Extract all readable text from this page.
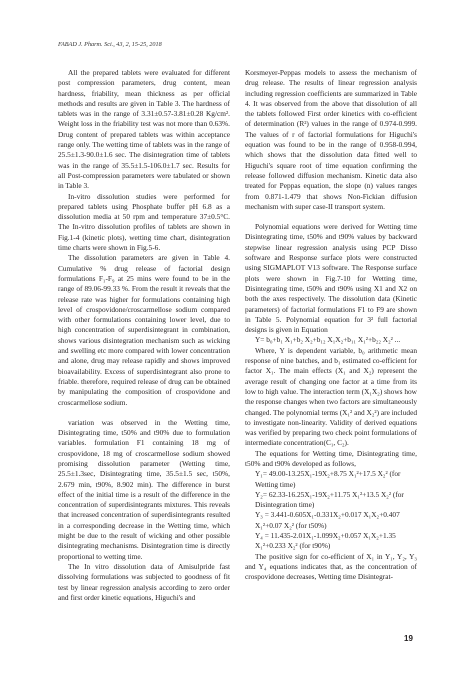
FABAD J. Pharm. Sci., 43, 2, 15-25, 2018

All the prepared tablets were evaluated for different post compression parameters, drug content, mean hardness, friability, mean thickness as per official methods and results are given in Table 3. The hardness of tablets was in the range of 3.31±0.57-3.81±0.28 Kg/cm². Weight loss in the friability test was not more than 0.63%. Drug content of prepared tablets was within acceptance range only. The wetting time of tablets was in the range of 25.5±1.3-90.0±1.6 sec. The disintegration time of tablets was in the range of 35.5±1.5-106.0±1.7 sec. Results for all Post-compression parameters were tabulated or shown in Table 3.

In-vitro dissolution studies were performed for prepared tablets using Phosphate buffer pH 6.8 as a dissolution media at 50 rpm and temperature 37±0.5°C. The In-vitro dissolution profiles of tablets are shown in Fig.1-4 (kinetic plots), wetting time chart, disintegration time charts were shown in Fig.5-6.

The dissolution parameters are given in Table 4. Cumulative % drug release of factorial design formulations F₁-F₉ at 25 mins were found to be in the range of 89.06-99.33 %. From the result it reveals that the release rate was higher for formulations containing high level of crospovidone/croscarmellose sodium compared with other formulations containing lower level, due to high concentration of superdisintegrant in combination, shows various disintegration mechanism such as wicking and swelling etc more compared with lower concentration and alone, drug may release rapidly and shows improved bioavailability. Excess of superdisintegrant also prone to friable. therefore, required release of drug can be obtained by manipulating the composition of crospovidone and croscarmellose sodium.

variation was observed in the Wetting time, Disintegrating time, t50% and t90% due to formulation variables. formulation F1 containing 18 mg of crospovidone, 18 mg of croscarmellose sodium showed promising dissolution parameter (Wetting time, 25.5±1.3sec, Disintegrating time, 35.5±1.5 sec, t50%, 2.679 min, t90%, 8.902 min). The difference in burst effect of the initial time is a result of the difference in the concentration of superdisintegrants mixtures. This reveals that increased concentration of superdisintegrants resulted in a corresponding decrease in the Wetting time, which might be due to the result of wicking and other possible disintegrating mechanisms. Disintegration time is directly proportional to wetting time.

The In vitro dissolution data of Amisulpride fast dissolving formulations was subjected to goodness of fit test by linear regression analysis according to zero order and first order kinetic equations, Higuchi's and

Korsmeyer-Peppas models to assess the mechanism of drug release. The results of linear regression analysis including regression coefficients are summarized in Table 4. It was observed from the above that dissolution of all the tablets followed First order kinetics with co-efficient of determination (R²) values in the range of 0.974-0.999. The values of r of factorial formulations for Higuchi's equation was found to be in the range of 0.958-0.994, which shows that the dissolution data fitted well to Higuchi's square root of time equation confirming the release followed diffusion mechanism. Kinetic data also treated for Peppas equation, the slope (n) values ranges from 0.871-1.479 that shows Non-Fickian diffusion mechanism with super case-II transport system.

Polynomial equations were derived for Wetting time Disintegrating time, t50% and t90% values by backward stepwise linear regression analysis using PCP Disso software and Response surface plots were constructed using SIGMAPLOT V13 software. The Response surface plots were shown in Fig.7-10 for Wetting time, Disintegrating time, t50% and t90% using X1 and X2 on both the axes respectively. The dissolution data (Kinetic parameters) of factorial formulations F1 to F9 are shown in Table 5. Polynomial equation for 3² full factorial designs is given in Equation

Y= b₀+b₁ X₁+b₂ X₂+b₁₂ X₁X₂+b₁₁ X₁²+b₂₂ X₂² ...

Where, Y is dependent variable, b₀ arithmetic mean response of nine batches, and b₁ estimated co-efficient for factor X₁. The main effects (X₁ and X₂) represent the average result of changing one factor at a time from its low to high value. The interaction term (X₁X₂) shows how the response changes when two factors are simultaneously changed. The polynomial terms (X₁² and X₂²) are included to investigate non-linearity. Validity of derived equations was verified by preparing two check point formulations of intermediate concentration(C₁, C₂).

The equations for Wetting time, Disintegrating time, t50% and t90% developed as follows,

Y₁= 49.00-13.25X₁-19X₂+8.75 X₁²+17.5 X₂² (for Wetting time)

Y₂= 62.33-16.25X₁-19X₂+11.75 X₁²+13.5 X₂² (for Disintegration time)

Y₃ = 3.441-0.605X₁-0.331X₂+0.017 X₁X₂+0.407 X₁²+0.07 X₂² (for t50%)

Y₄ = 11.435-2.01X₁-1.099X₂+0.057 X₁X₂+1.35 X₁²+0.233 X₂² (for t90%)

The positive sign for co-efficient of X₁ in Y₁, Y₂, Y₃ and Y₄ equations indicates that, as the concentration of crospovidone decreases, Wetting time Disintegrat-

19
